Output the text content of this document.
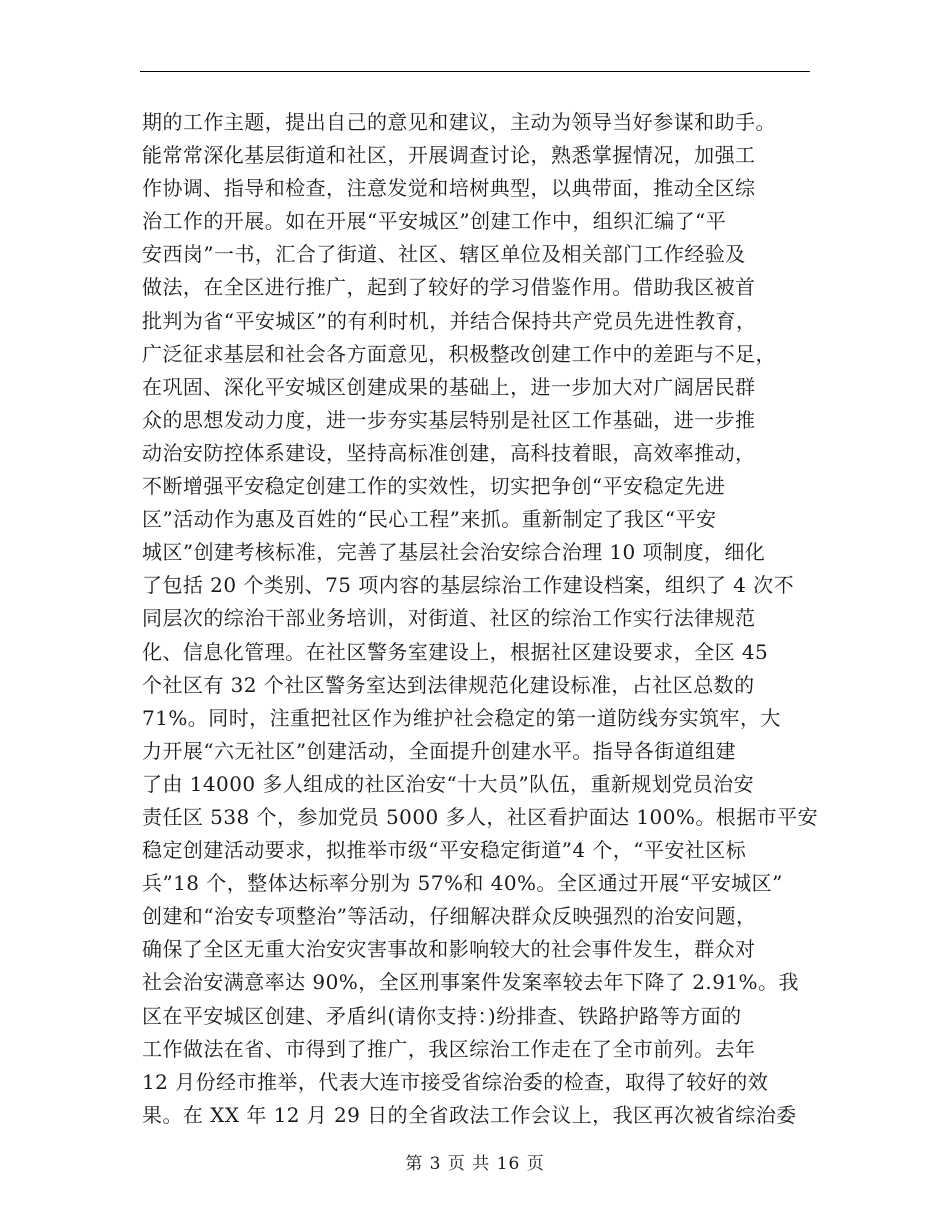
期的工作主题，提出自己的意见和建议，主动为领导当好参谋和助手。
能常常深化基层街道和社区，开展调查讨论，熟悉掌握情况，加强工
作协调、指导和检查，注意发觉和培树典型，以典带面，推动全区综
治工作的开展。如在开展“平安城区”创建工作中，组织汇编了“平
安西岗”一书，汇合了街道、社区、辖区单位及相关部门工作经验及
做法，在全区进行推广，起到了较好的学习借鉴作用。借助我区被首
批判为省“平安城区”的有利时机，并结合保持共产党员先进性教育，
广泛征求基层和社会各方面意见，积极整改创建工作中的差距与不足，
在巩固、深化平安城区创建成果的基础上，进一步加大对广阔居民群
众的思想发动力度，进一步夯实基层特别是社区工作基础，进一步推
动治安防控体系建设，坚持高标准创建，高科技着眼，高效率推动，
不断增强平安稳定创建工作的实效性，切实把争创“平安稳定先进
区”活动作为惠及百姓的“民心工程”来抓。重新制定了我区“平安
城区”创建考核标准，完善了基层社会治安综合治理 10 项制度，细化
了包括 20 个类别、75 项内容的基层综治工作建设档案，组织了 4 次不
同层次的综治干部业务培训，对街道、社区的综治工作实行法律规范
化、信息化管理。在社区警务室建设上，根据社区建设要求，全区 45
个社区有 32 个社区警务室达到法律规范化建设标准，占社区总数的
71%。同时，注重把社区作为维护社会稳定的第一道防线夯实筑牢，大
力开展“六无社区”创建活动，全面提升创建水平。指导各街道组建
了由 14000 多人组成的社区治安“十大员”队伍，重新规划党员治安
责任区 538 个，参加党员 5000 多人，社区看护面达 100%。根据市平安
稳定创建活动要求，拟推举市级“平安稳定街道”4 个，“平安社区标
兵”18 个，整体达标率分别为 57%和 40%。全区通过开展“平安城区”
创建和“治安专项整治”等活动，仔细解决群众反映强烈的治安问题，
确保了全区无重大治安灾害事故和影响较大的社会事件发生，群众对
社会治安满意率达 90%，全区刑事案件发案率较去年下降了 2.91%。我
区在平安城区创建、矛盾纠(请你支持：)纷排查、铁路护路等方面的
工作做法在省、市得到了推广，我区综治工作走在了全市前列。去年
12 月份经市推举，代表大连市接受省综治委的检查，取得了较好的效
果。在 XX 年 12 月 29 日的全省政法工作会议上，我区再次被省综治委
第 3 页 共 16 页
